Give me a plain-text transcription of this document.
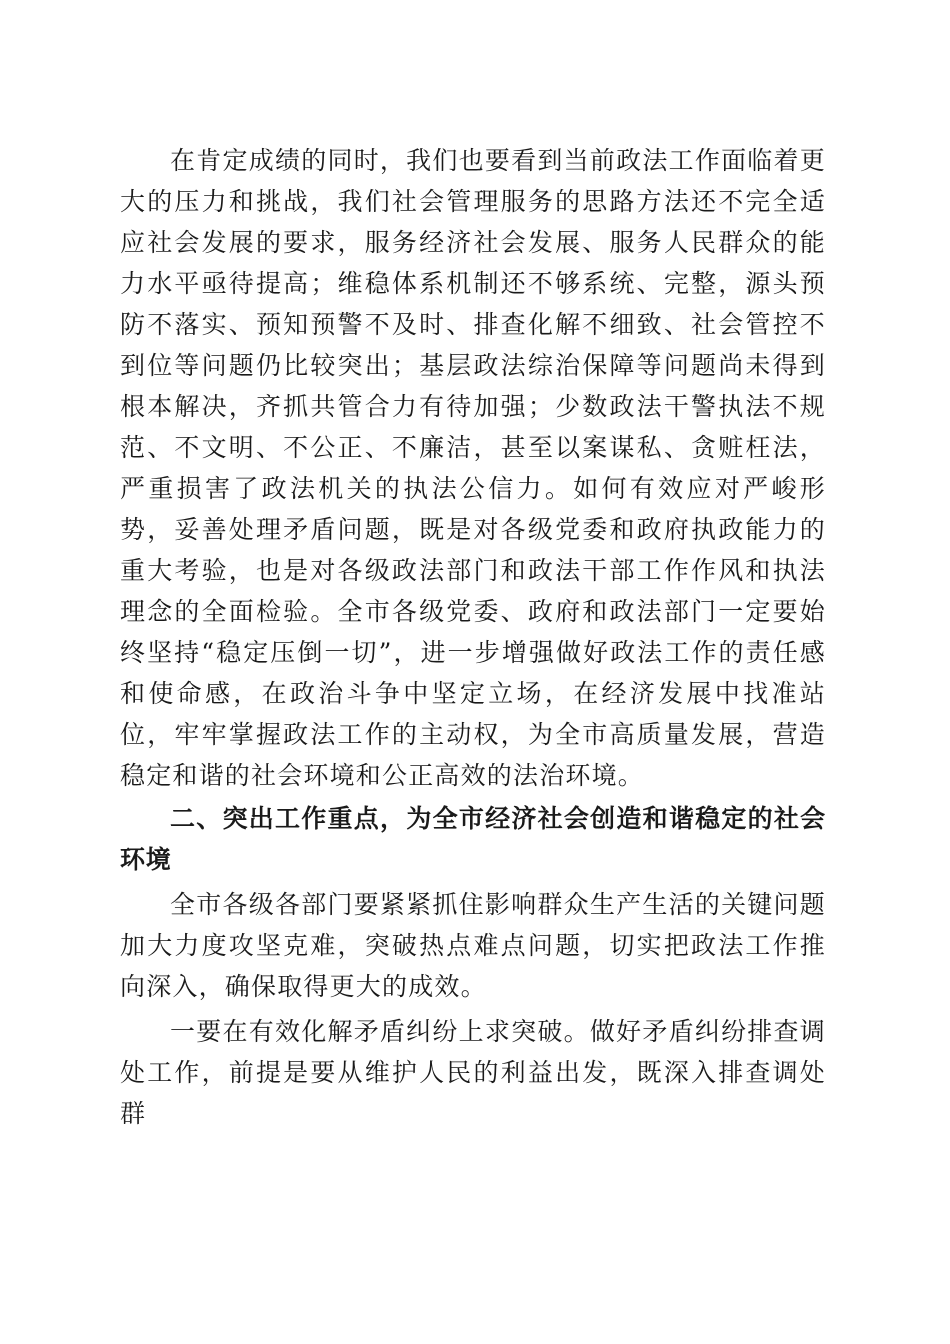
在肯定成绩的同时，我们也要看到当前政法工作面临着更大的压力和挑战，我们社会管理服务的思路方法还不完全适应社会发展的要求，服务经济社会发展、服务人民群众的能力水平亟待提高；维稳体系机制还不够系统、完整，源头预防不落实、预知预警不及时、排查化解不细致、社会管控不到位等问题仍比较突出；基层政法综治保障等问题尚未得到根本解决，齐抓共管合力有待加强；少数政法干警执法不规范、不文明、不公正、不廉洁，甚至以案谋私、贪赃枉法，严重损害了政法机关的执法公信力。如何有效应对严峻形势，妥善处理矛盾问题，既是对各级党委和政府执政能力的重大考验，也是对各级政法部门和政法干部工作作风和执法理念的全面检验。全市各级党委、政府和政法部门一定要始终坚持“稳定压倒一切”，进一步增强做好政法工作的责任感和使命感，在政治斗争中坚定立场，在经济发展中找准站位，牢牢掌握政法工作的主动权，为全市高质量发展，营造稳定和谐的社会环境和公正高效的法治环境。

二、突出工作重点，为全市经济社会创造和谐稳定的社会环境

全市各级各部门要紧紧抓住影响群众生产生活的关键问题加大力度攻坚克难，突破热点难点问题，切实把政法工作推向深入，确保取得更大的成效。

一要在有效化解矛盾纠纷上求突破。做好矛盾纠纷排查调处工作，前提是要从维护人民的利益出发，既深入排查调处群
